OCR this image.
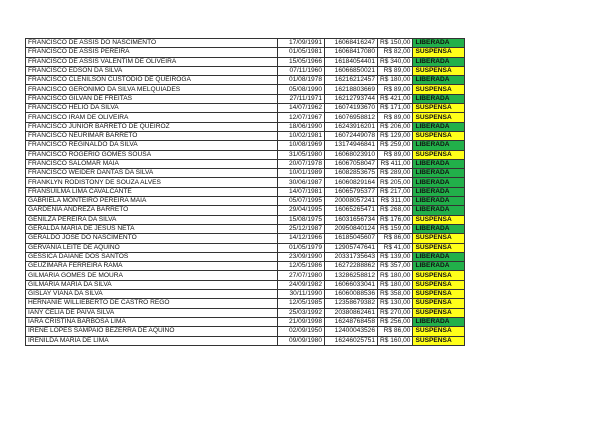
FRANCISCO DE ASSIS DO NASCIMENTO	17/09/1991	16068416247	R$ 150,00	LIBERADA
FRANCISCO DE ASSIS PEREIRA	01/05/1981	16068417080	R$ 82,00	SUSPENSA
FRANCISCO DE ASSIS VALENTIM DE OLIVEIRA	15/05/1966	16184054401	R$ 340,00	LIBERADA
FRANCISCO EDSON DA SILVA	07/11/1960	16066850021	R$ 89,00	SUSPENSA
FRANCISCO CLENILSON CUSTODIO DE QUEIROGA	01/08/1978	16216212457	R$ 180,00	LIBERADA
FRANCISCO GERONIMO DA SILVA MELQUIADES	05/08/1990	16218803669	R$ 89,00	SUSPENSA
FRANCISCO GILVAN DE FREITAS	27/11/1971	16212793744	R$ 421,00	LIBERADA
FRANCISCO HELIO DA SILVA	14/07/1962	16074193670	R$ 171,00	SUSPENSA
FRANCISCO IRAM DE OLIVEIRA	12/07/1967	16076958812	R$ 89,00	SUSPENSA
FRANCISCO JUNIOR BARRETO DE QUEIROZ	18/06/1990	16243916201	R$ 206,00	LIBERADA
FRANCISCO NEURIMAR BARRETO	10/02/1981	16072449078	R$ 129,00	SUSPENSA
FRANCISCO REGINALDO DA SILVA	10/08/1969	13174946841	R$ 259,00	LIBERADA
FRANCISCO ROGERIO GOMES SOUSA	31/05/1980	16068023910	R$ 89,00	SUSPENSA
FRANCISCO SALOMAR MAIA	20/07/1978	16067058047	R$ 411,00	LIBERADA
FRANCISCO WEIDER DANTAS DA SILVA	10/01/1989	16082853675	R$ 289,00	LIBERADA
FRANKLYN RODISTONY DE SOUZA ALVES	30/06/1987	16060829164	R$ 205,00	LIBERADA
FRANSUILMA LIMA CAVALCANTE	14/07/1981	16065795377	R$ 217,00	LIBERADA
GABRIELA MONTEIRO PEREIRA MAIA	05/07/1995	20008057241	R$ 311,00	LIBERADA
GARDENIA ANDREZA BARRETO	29/04/1995	16065265471	R$ 268,00	LIBERADA
GENILZA PEREIRA DA SILVA	15/08/1975	16031656734	R$ 176,00	SUSPENSA
GERALDA MARIA DE JESUS NETA	25/12/1987	20950840124	R$ 159,00	LIBERADA
GERALDO JOSE DO NASCIMENTO	14/12/1966	16185045607	R$ 86,00	SUSPENSA
GERVANIA LEITE DE AQUINO	01/05/1979	12905747641	R$ 41,00	SUSPENSA
GESSICA DAIANE DOS SANTOS	23/09/1990	20331735643	R$ 139,00	LIBERADA
GEUZIMARA FERREIRA RAMA	12/05/1986	16272288862	R$ 357,00	LIBERADA
GILMARIA GOMES DE MOURA	27/07/1980	13286258812	R$ 180,00	SUSPENSA
GILMARIA MARIA DA SILVA	24/09/1982	16066033041	R$ 180,00	SUSPENSA
GISLAY VIANA DA SILVA	30/11/1990	16060088536	R$ 358,00	SUSPENSA
HERNANIE WILLIEBERTO DE CASTRO REGO	12/05/1985	12358679382	R$ 130,00	SUSPENSA
IANY CELIA DE PAIVA SILVA	25/03/1992	20380862461	R$ 270,00	SUSPENSA
IARA CRISTINA BARBOSA LIMA	21/09/1998	16248768458	R$ 256,00	LIBERADA
IRENE LOPES SAMPAIO BEZERRA DE AQUINO	02/09/1950	12400043526	R$ 86,00	SUSPENSA
IRENILDA MARIA DE LIMA	09/09/1980	16246025751	R$ 160,00	SUSPENSA
